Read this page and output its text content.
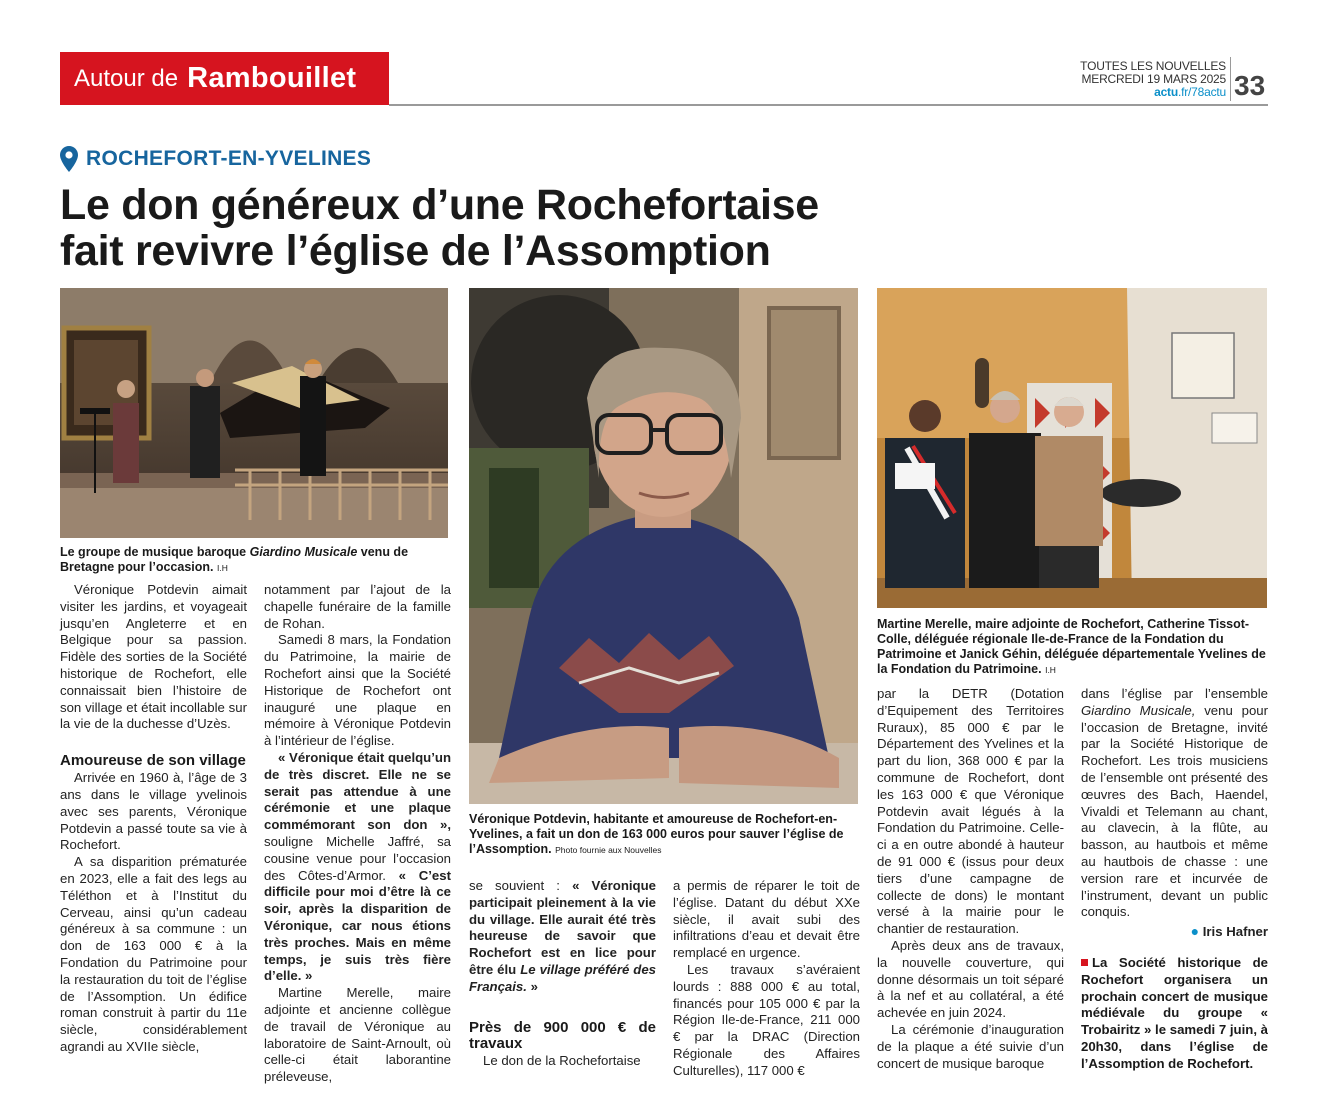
Autour de Rambouillet	TOUTES LES NOUVELLES
MERCREDI 19 MARS 2025
actu.fr/78actu 33
ROCHEFORT-EN-YVELINES
Le don généreux d’une Rochefortaise
fait revivre l’église de l’Assomption
Le groupe de musique baroque Giardino Musicale venu de Bretagne pour l’occasion. I.H
Véronique Potdevin, habitante et amoureuse de Rochefort-en-Yvelines, a fait un don de 163 000 euros pour sauver l’église de l’Assomption. Photo fournie aux Nouvelles
Martine Merelle, maire adjointe de Rochefort, Catherine Tissot-Colle, déléguée régionale Ile-de-France de la Fondation du Patrimoine et Janick Géhin, déléguée départementale Yvelines de la Fondation du Patrimoine. I.H

Véronique Potdevin aimait visiter les jardins, et voyageait jusqu’en Angleterre et en Belgique pour sa passion. Fidèle des sorties de la Société historique de Rochefort, elle connaissait bien l’histoire de son village et était incollable sur la vie de la duchesse d’Uzès.

Amoureuse de son village

Arrivée en 1960 à, l’âge de 3 ans dans le village yvelinois avec ses parents, Véronique Potdevin a passé toute sa vie à Rochefort.

A sa disparition prématurée en 2023, elle a fait des legs au Téléthon et à l’Institut du Cerveau, ainsi qu’un cadeau généreux à sa commune : un don de 163 000 € à la Fondation du Patrimoine pour la restauration du toit de l’église de l’Assomption. Un édifice roman construit à partir du 11e siècle, considérablement agrandi au XVIIe siècle,

notamment par l’ajout de la chapelle funéraire de la famille de Rohan.

Samedi 8 mars, la Fondation du Patrimoine, la mairie de Rochefort ainsi que la Société Historique de Rochefort ont inauguré une plaque en mémoire à Véronique Potdevin à l’intérieur de l’église.

« Véronique était quelqu’un de très discret. Elle ne se serait pas attendue à une cérémonie et une plaque commémorant son don », souligne Michelle Jaffré, sa cousine venue pour l’occasion des Côtes-d’Armor. « C’est difficile pour moi d’être là ce soir, après la disparition de Véronique, car nous étions très proches. Mais en même temps, je suis très fière d’elle. »

Martine Merelle, maire adjointe et ancienne collègue de travail de Véronique au laboratoire de Saint-Arnoult, où celle-ci était laborantine préleveuse,

se souvient : « Véronique participait pleinement à la vie du village. Elle aurait été très heureuse de savoir que Rochefort est en lice pour être élu Le village préféré des Français. »

Près de 900 000 € de travaux

Le don de la Rochefortaise

a permis de réparer le toit de l’église. Datant du début XXe siècle, il avait subi des infiltrations d’eau et devait être remplacé en urgence.

Les travaux s’avéraient lourds : 888 000 € au total, financés pour 105 000 € par la Région Ile-de-France, 211 000 € par la DRAC (Direction Régionale des Affaires Culturelles), 117 000 €

par la DETR (Dotation d’Equipement des Territoires Ruraux), 85 000 € par le Département des Yvelines et la part du lion, 368 000 € par la commune de Rochefort, dont les 163 000 € que Véronique Potdevin avait légués à la Fondation du Patrimoine. Celle-ci a en outre abondé à hauteur de 91 000 € (issus pour deux tiers d’une campagne de collecte de dons) le montant versé à la mairie pour le chantier de restauration.

Après deux ans de travaux, la nouvelle couverture, qui donne désormais un toit séparé à la nef et au collatéral, a été achevée en juin 2024.

La cérémonie d’inauguration de la plaque a été suivie d’un concert de musique baroque

dans l’église par l’ensemble Giardino Musicale, venu pour l’occasion de Bretagne, invité par la Société Historique de Rochefort. Les trois musiciens de l’ensemble ont présenté des œuvres des Bach, Haendel, Vivaldi et Telemann au chant, au clavecin, à la flûte, au basson, au hautbois et même au hautbois de chasse : une version rare et incurvée de l’instrument, devant un public conquis.

● Iris Hafner

La Société historique de Rochefort organisera un prochain concert de musique médiévale du groupe « Trobairitz » le samedi 7 juin, à 20h30, dans l’église de l’Assomption de Rochefort.
